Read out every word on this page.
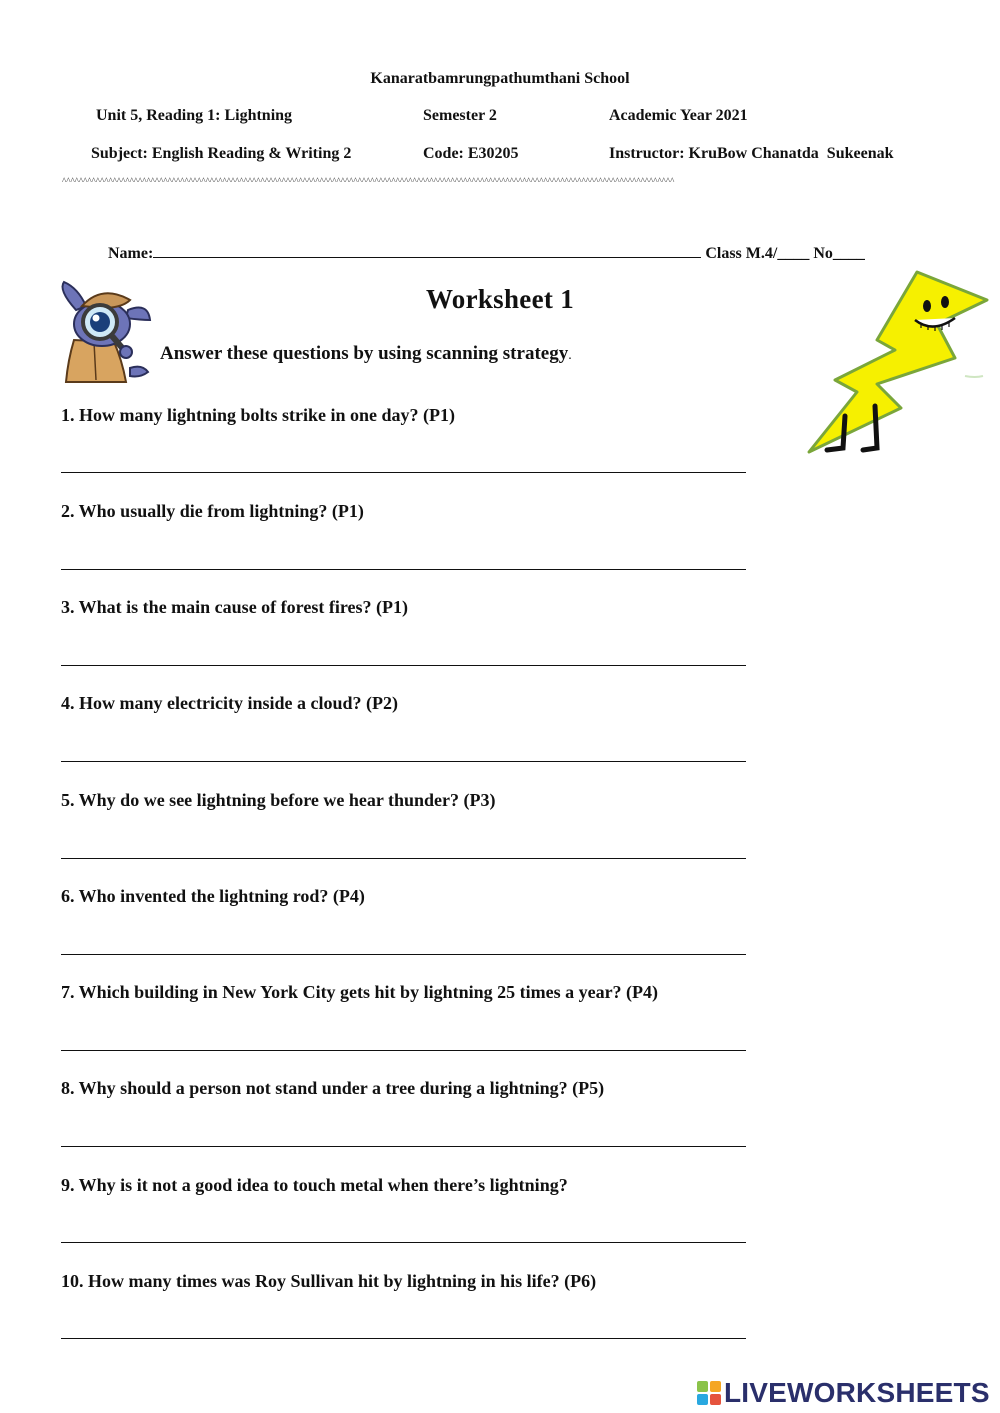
Kanaratbamrungpathumthani School
Unit 5, Reading 1: Lightning	Semester 2	Academic Year 2021
Subject: English Reading & Writing 2	Code: E30205	Instructor: KruBow Chanatda  Sukeenak
^^^^^^^^^^^^^^^^^^^^^^^^^^^^^^^^^^^^^^^^^^^^^^^^^^^^^^^^^^^^^^^^^^^^^^^^^^^^^^^^^^^^^^^^^^^^^^^^^^^^^^^^^^^^^^^^^^^^^^^^^^^^^^^^^^^^^^^^^^^^^^^^^
Name:	Class M.4/____ No____
Worksheet 1
Answer these questions by using scanning strategy.
1. How many lightning bolts strike in one day? (P1)
2. Who usually die from lightning? (P1)
3. What is the main cause of forest fires? (P1)
4. How many electricity inside a cloud? (P2)
5. Why do we see lightning before we hear thunder? (P3)
6. Who invented the lightning rod? (P4)
7. Which building in New York City gets hit by lightning 25 times a year? (P4)
8. Why should a person not stand under a tree during a lightning? (P5)
9. Why is it not a good idea to touch metal when there’s lightning?
10. How many times was Roy Sullivan hit by lightning in his life? (P6)
LIVEWORKSHEETS
